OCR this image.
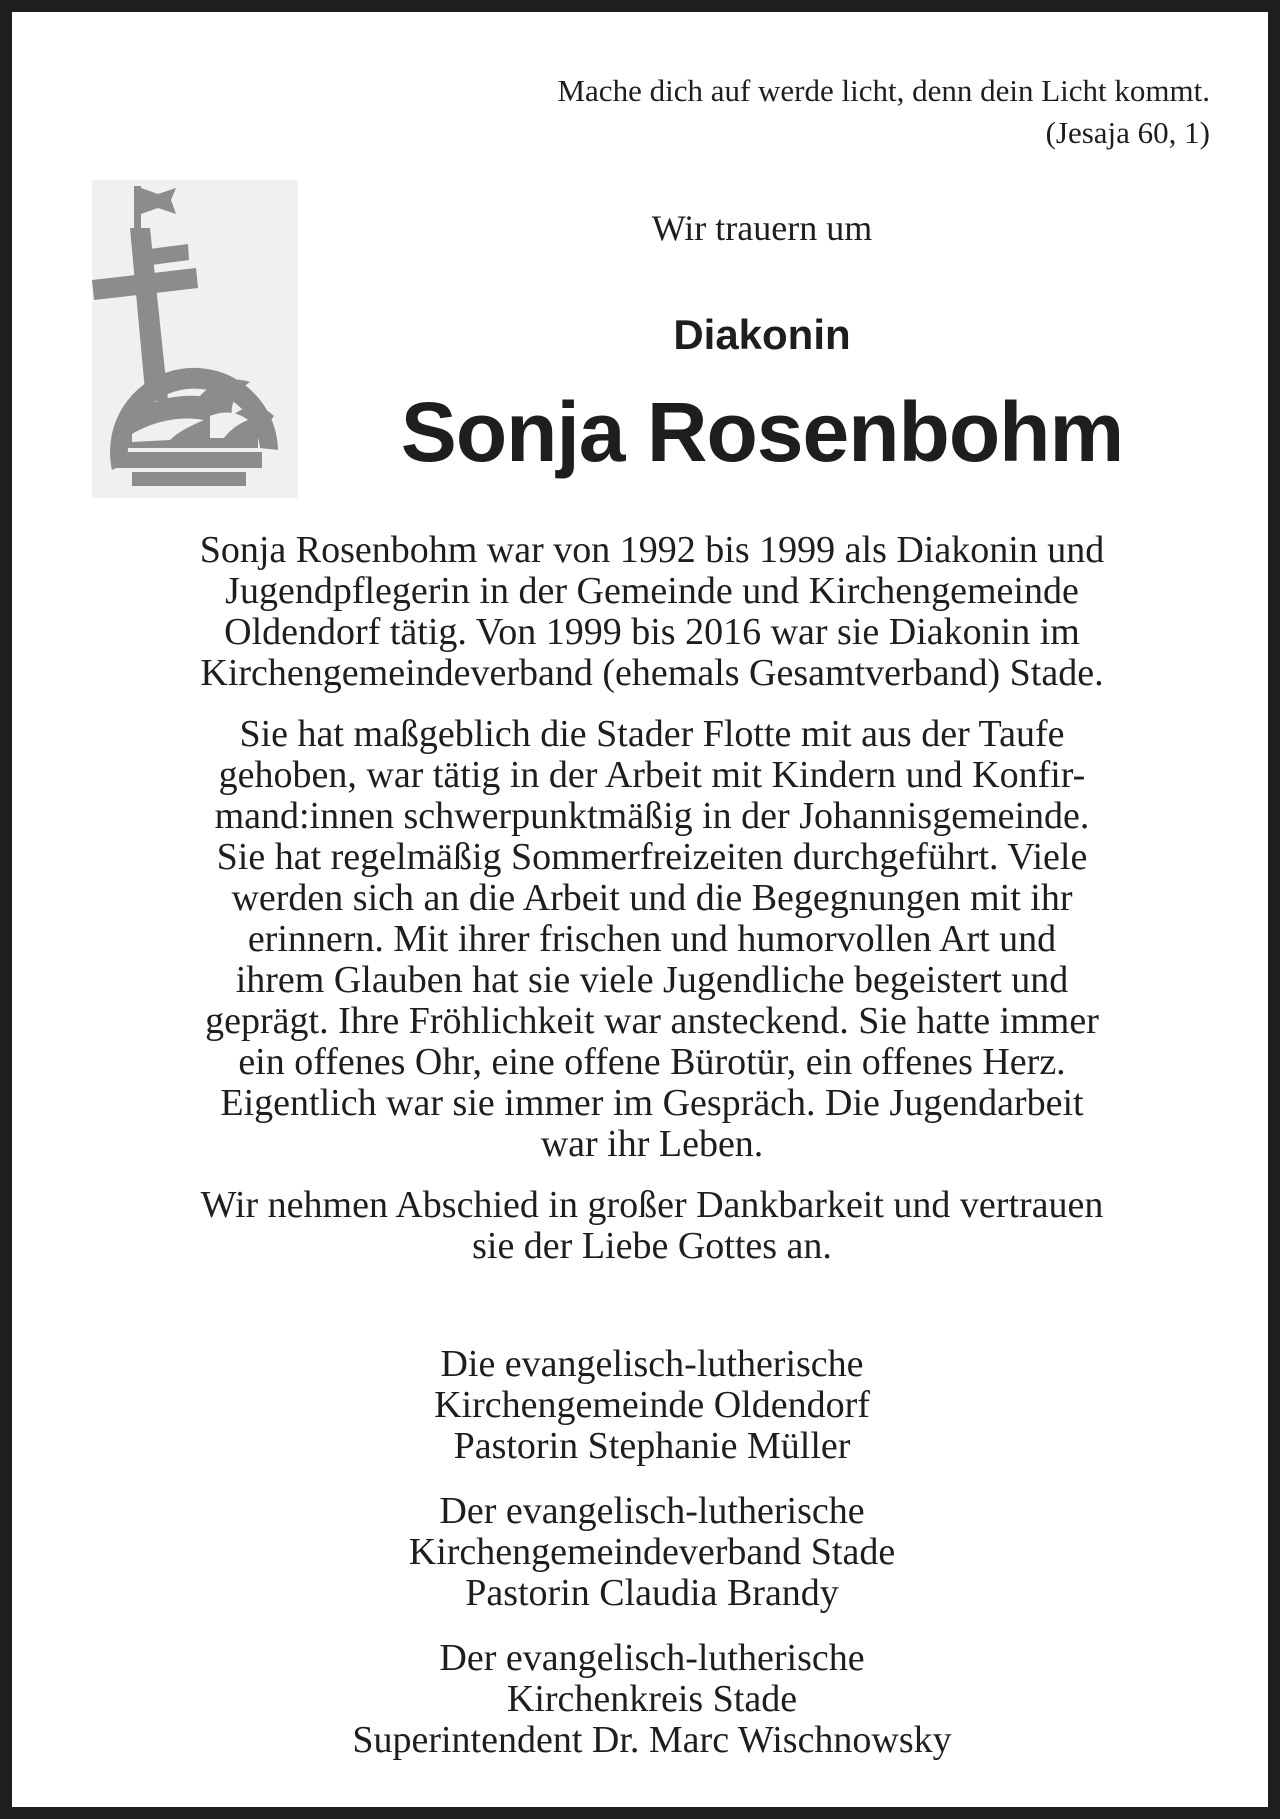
Mache dich auf werde licht, denn dein Licht kommt.
(Jesaja 60, 1)
Wir trauern um
Diakonin
Sonja Rosenbohm

Sonja Rosenbohm war von 1992 bis 1999 als Diakonin und
Jugendpflegerin in der Gemeinde und Kirchengemeinde
Oldendorf tätig. Von 1999 bis 2016 war sie Diakonin im
Kirchengemeindeverband (ehemals Gesamtverband) Stade.

Sie hat maßgeblich die Stader Flotte mit aus der Taufe
gehoben, war tätig in der Arbeit mit Kindern und Konfir-
mand:innen schwerpunktmäßig in der Johannisgemeinde.
Sie hat regelmäßig Sommerfreizeiten durchgeführt. Viele
werden sich an die Arbeit und die Begegnungen mit ihr
erinnern. Mit ihrer frischen und humorvollen Art und
ihrem Glauben hat sie viele Jugendliche begeistert und
geprägt. Ihre Fröhlichkeit war ansteckend. Sie hatte immer
ein offenes Ohr, eine offene Bürotür, ein offenes Herz.
Eigentlich war sie immer im Gespräch. Die Jugendarbeit
war ihr Leben.

Wir nehmen Abschied in großer Dankbarkeit und vertrauen
sie der Liebe Gottes an.

Die evangelisch-lutherische
Kirchengemeinde Oldendorf
Pastorin Stephanie Müller
Der evangelisch-lutherische
Kirchengemeindeverband Stade
Pastorin Claudia Brandy
Der evangelisch-lutherische
Kirchenkreis Stade
Superintendent Dr. Marc Wischnowsky
